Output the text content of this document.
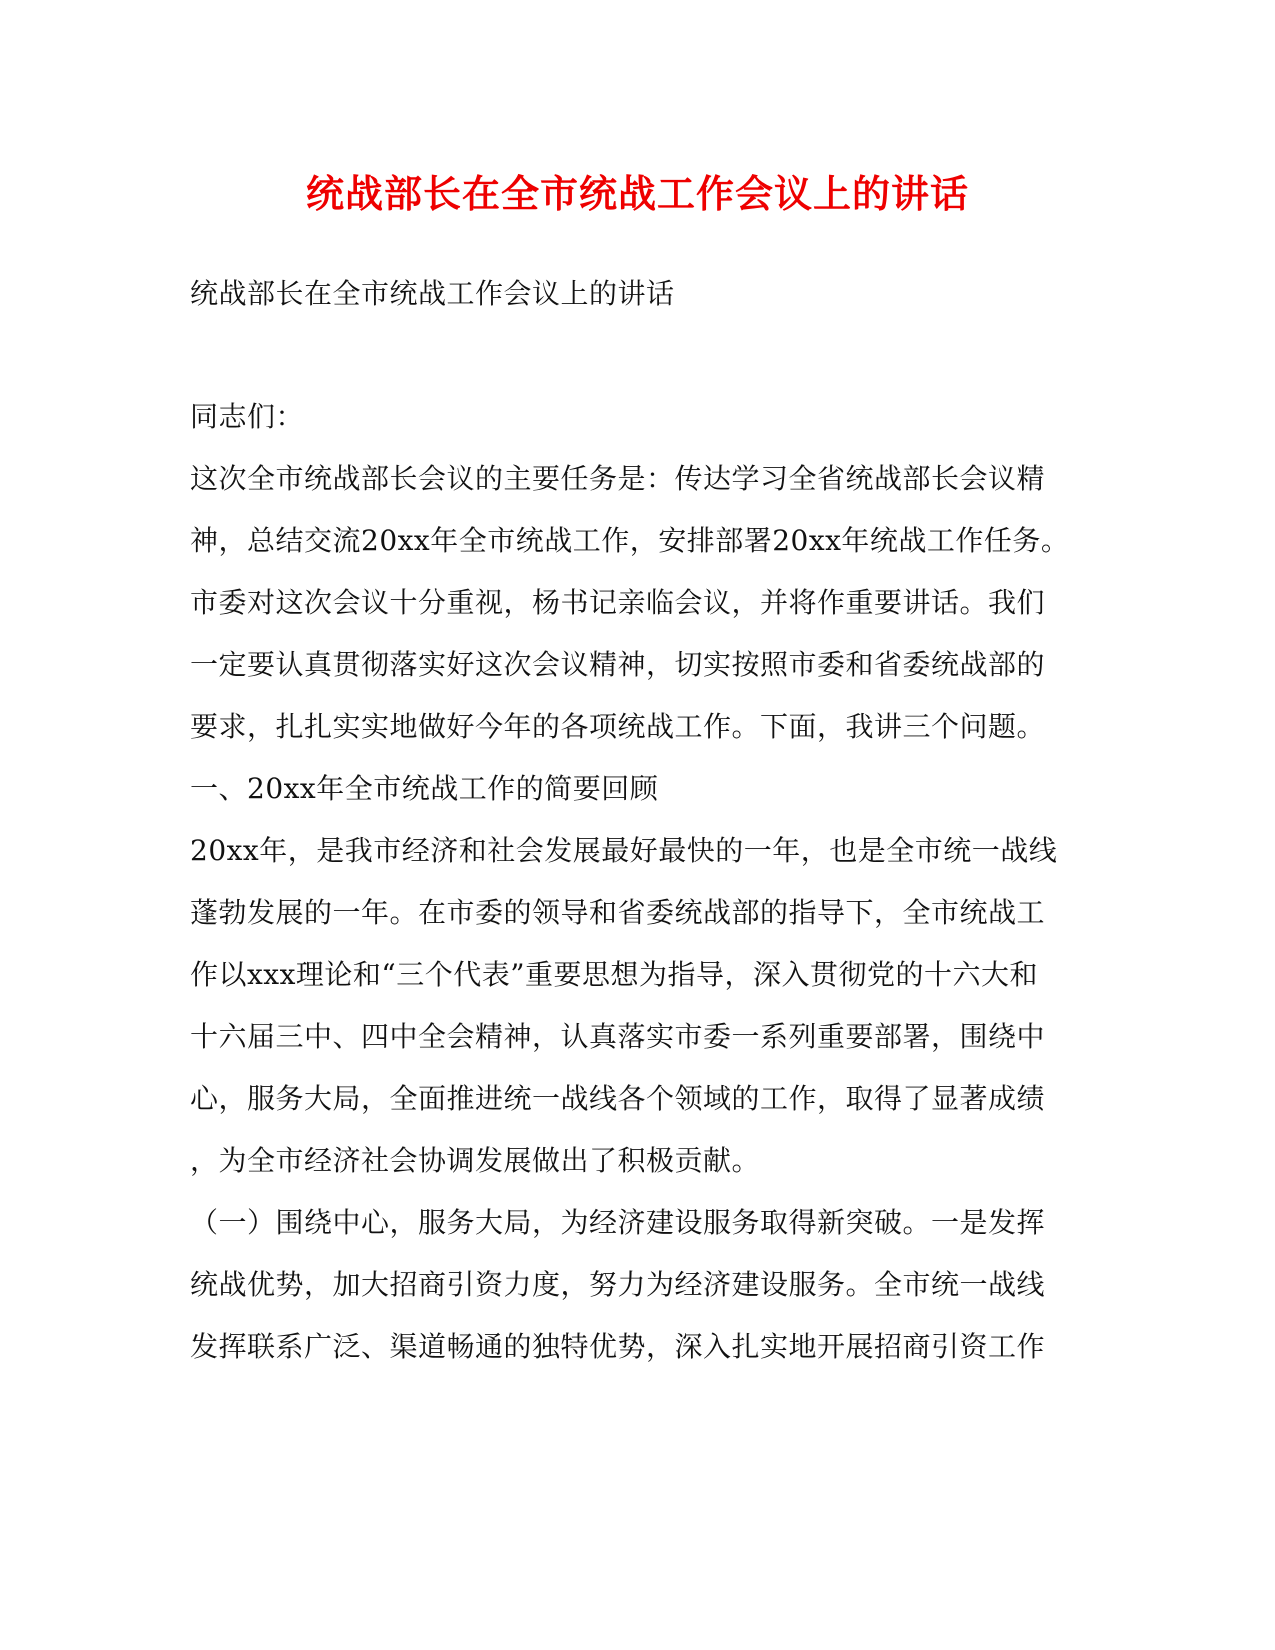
统战部长在全市统战工作会议上的讲话
统战部长在全市统战工作会议上的讲话
同志们：
这次全市统战部长会议的主要任务是：传达学习全省统战部长会议精
神，总结交流20xx年全市统战工作，安排部署20xx年统战工作任务。
市委对这次会议十分重视，杨书记亲临会议，并将作重要讲话。我们
一定要认真贯彻落实好这次会议精神，切实按照市委和省委统战部的
要求，扎扎实实地做好今年的各项统战工作。下面，我讲三个问题。
一、20xx年全市统战工作的简要回顾
20xx年，是我市经济和社会发展最好最快的一年，也是全市统一战线
蓬勃发展的一年。在市委的领导和省委统战部的指导下，全市统战工
作以xxx理论和“三个代表”重要思想为指导，深入贯彻党的十六大和
十六届三中、四中全会精神，认真落实市委一系列重要部署，围绕中
心，服务大局，全面推进统一战线各个领域的工作，取得了显著成绩
，为全市经济社会协调发展做出了积极贡献。
（一）围绕中心，服务大局，为经济建设服务取得新突破。一是发挥
统战优势，加大招商引资力度，努力为经济建设服务。全市统一战线
发挥联系广泛、渠道畅通的独特优势，深入扎实地开展招商引资工作
